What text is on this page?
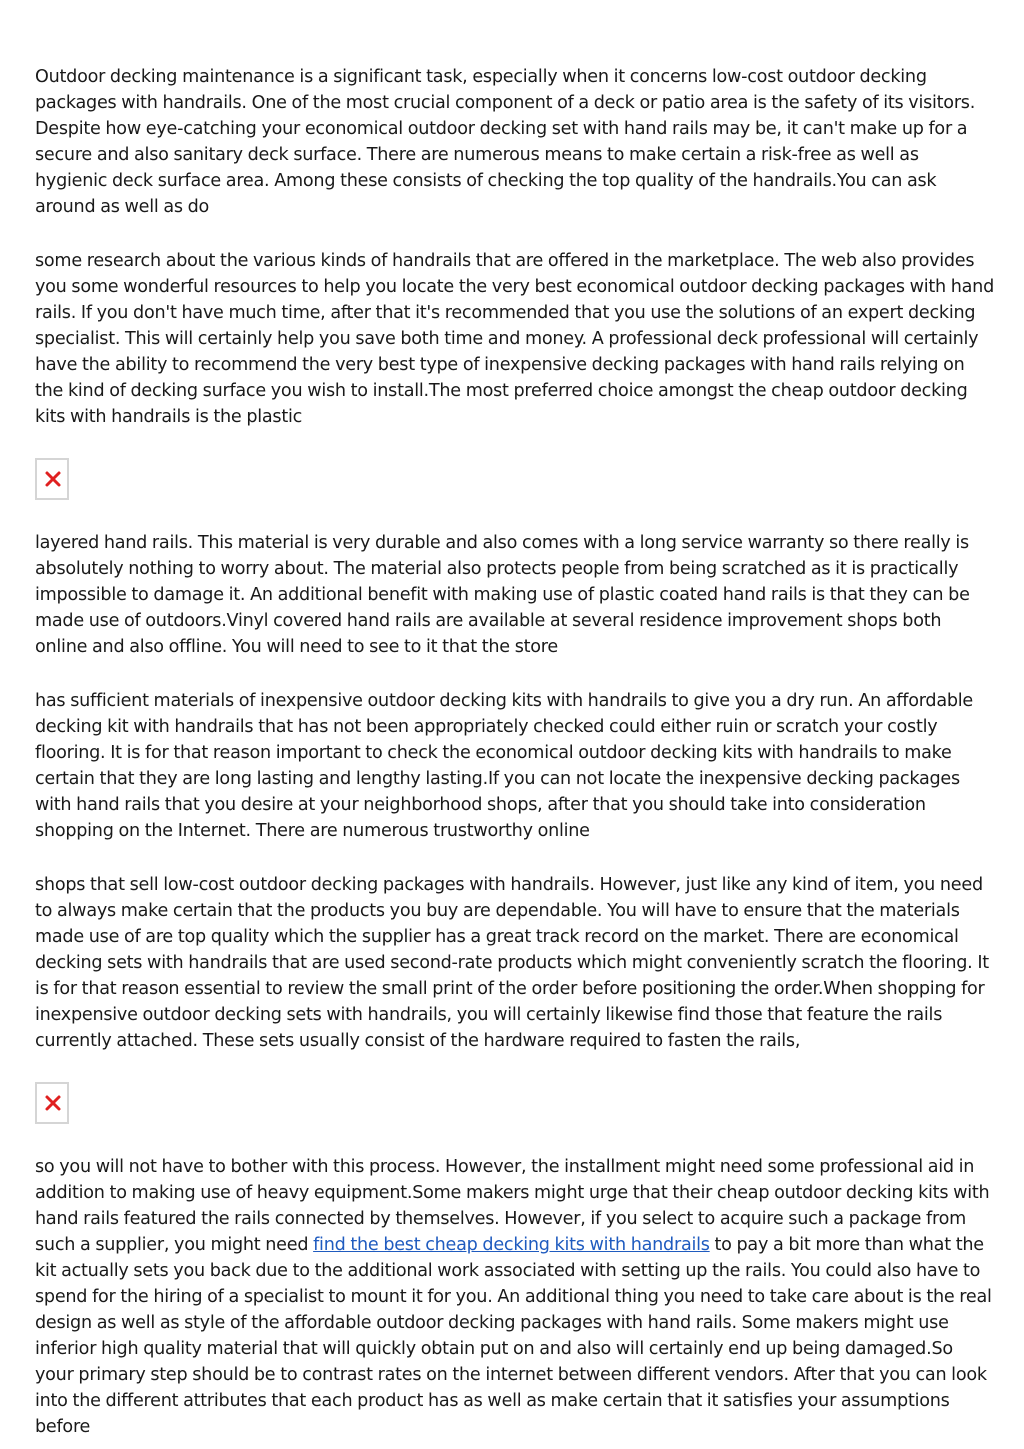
Outdoor decking maintenance is a significant task, especially when it concerns low-cost outdoor decking packages with handrails. One of the most crucial component of a deck or patio area is the safety of its visitors. Despite how eye-catching your economical outdoor decking set with hand rails may be, it can't make up for a secure and also sanitary deck surface. There are numerous means to make certain a risk-free as well as hygienic deck surface area. Among these consists of checking the top quality of the handrails.You can ask around as well as do

some research about the various kinds of handrails that are offered in the marketplace. The web also provides you some wonderful resources to help you locate the very best economical outdoor decking packages with hand rails. If you don't have much time, after that it's recommended that you use the solutions of an expert decking specialist. This will certainly help you save both time and money. A professional deck professional will certainly have the ability to recommend the very best type of inexpensive decking packages with hand rails relying on the kind of decking surface you wish to install.The most preferred choice amongst the cheap outdoor decking kits with handrails is the plastic

layered hand rails. This material is very durable and also comes with a long service warranty so there really is absolutely nothing to worry about. The material also protects people from being scratched as it is practically impossible to damage it. An additional benefit with making use of plastic coated hand rails is that they can be made use of outdoors.Vinyl covered hand rails are available at several residence improvement shops both online and also offline. You will need to see to it that the store

has sufficient materials of inexpensive outdoor decking kits with handrails to give you a dry run. An affordable decking kit with handrails that has not been appropriately checked could either ruin or scratch your costly flooring. It is for that reason important to check the economical outdoor decking kits with handrails to make certain that they are long lasting and lengthy lasting.If you can not locate the inexpensive decking packages with hand rails that you desire at your neighborhood shops, after that you should take into consideration shopping on the Internet. There are numerous trustworthy online

shops that sell low-cost outdoor decking packages with handrails. However, just like any kind of item, you need to always make certain that the products you buy are dependable. You will have to ensure that the materials made use of are top quality which the supplier has a great track record on the market. There are economical decking sets with handrails that are used second-rate products which might conveniently scratch the flooring. It is for that reason essential to review the small print of the order before positioning the order.When shopping for inexpensive outdoor decking sets with handrails, you will certainly likewise find those that feature the rails currently attached. These sets usually consist of the hardware required to fasten the rails,

so you will not have to bother with this process. However, the installment might need some professional aid in addition to making use of heavy equipment.Some makers might urge that their cheap outdoor decking kits with hand rails featured the rails connected by themselves. However, if you select to acquire such a package from such a supplier, you might need find the best cheap decking kits with handrails to pay a bit more than what the kit actually sets you back due to the additional work associated with setting up the rails. You could also have to spend for the hiring of a specialist to mount it for you. An additional thing you need to take care about is the real design as well as style of the affordable outdoor decking packages with hand rails. Some makers might use inferior high quality material that will quickly obtain put on and also will certainly end up being damaged.So your primary step should be to contrast rates on the internet between different vendors. After that you can look into the different attributes that each product has as well as make certain that it satisfies your assumptions before
